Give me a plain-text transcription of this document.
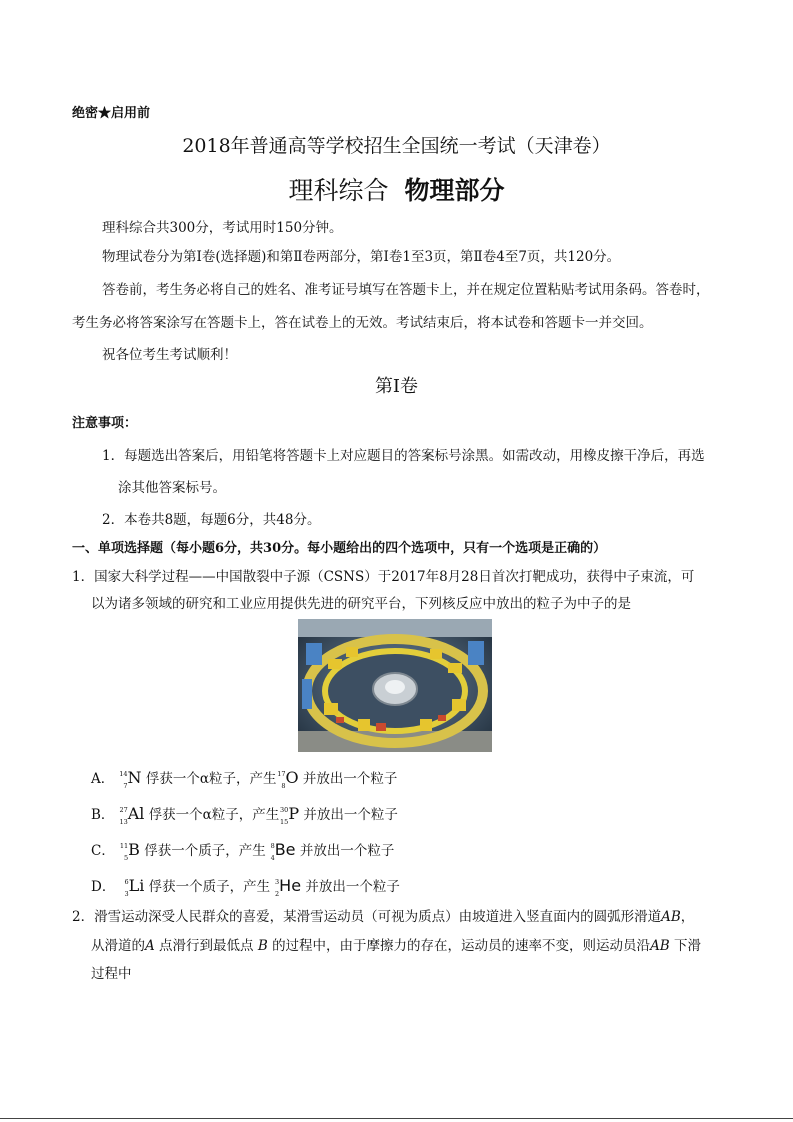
绝密★启用前
2018年普通高等学校招生全国统一考试（天津卷）
理科综合 物理部分
理科综合共300分，考试用时150分钟。
物理试卷分为第Ⅰ卷(选择题)和第Ⅱ卷两部分，第Ⅰ卷1至3页，第Ⅱ卷4至7页，共120分。
答卷前，考生务必将自己的姓名、准考证号填写在答题卡上，并在规定位置粘贴考试用条码。答卷时，
考生务必将答案涂写在答题卡上，答在试卷上的无效。考试结束后，将本试卷和答题卡一并交回。
祝各位考生考试顺利！
第Ⅰ卷
注意事项：
1．每题选出答案后，用铅笔将答题卡上对应题目的答案标号涂黑。如需改动，用橡皮擦干净后，再选
涂其他答案标号。
2．本卷共8题，每题6分，共48分。
一、单项选择题（每小题6分，共30分。每小题给出的四个选项中，只有一个选项是正确的）
1．国家大科学过程——中国散裂中子源（CSNS）于2017年8月28日首次打靶成功，获得中子束流，可
以为诸多领域的研究和工业应用提供先进的研究平台，下列核反应中放出的粒子为中子的是
A． 14
7 N 俘获一个α粒子，产生 17
8 O 并放出一个粒子
B． 27
13 Al 俘获一个α粒子，产生 30
15 P 并放出一个粒子
C． 11
5 B 俘获一个质子，产生 8
4 Be 并放出一个粒子
D． 6
3 Li 俘获一个质子，产生 3
2 He 并放出一个粒子
2．滑雪运动深受人民群众的喜爱，某滑雪运动员（可视为质点）由坡道进入竖直面内的圆弧形滑道AB，
从滑道的A 点滑行到最低点 B 的过程中，由于摩擦力的存在，运动员的速率不变，则运动员沿AB 下滑
过程中
